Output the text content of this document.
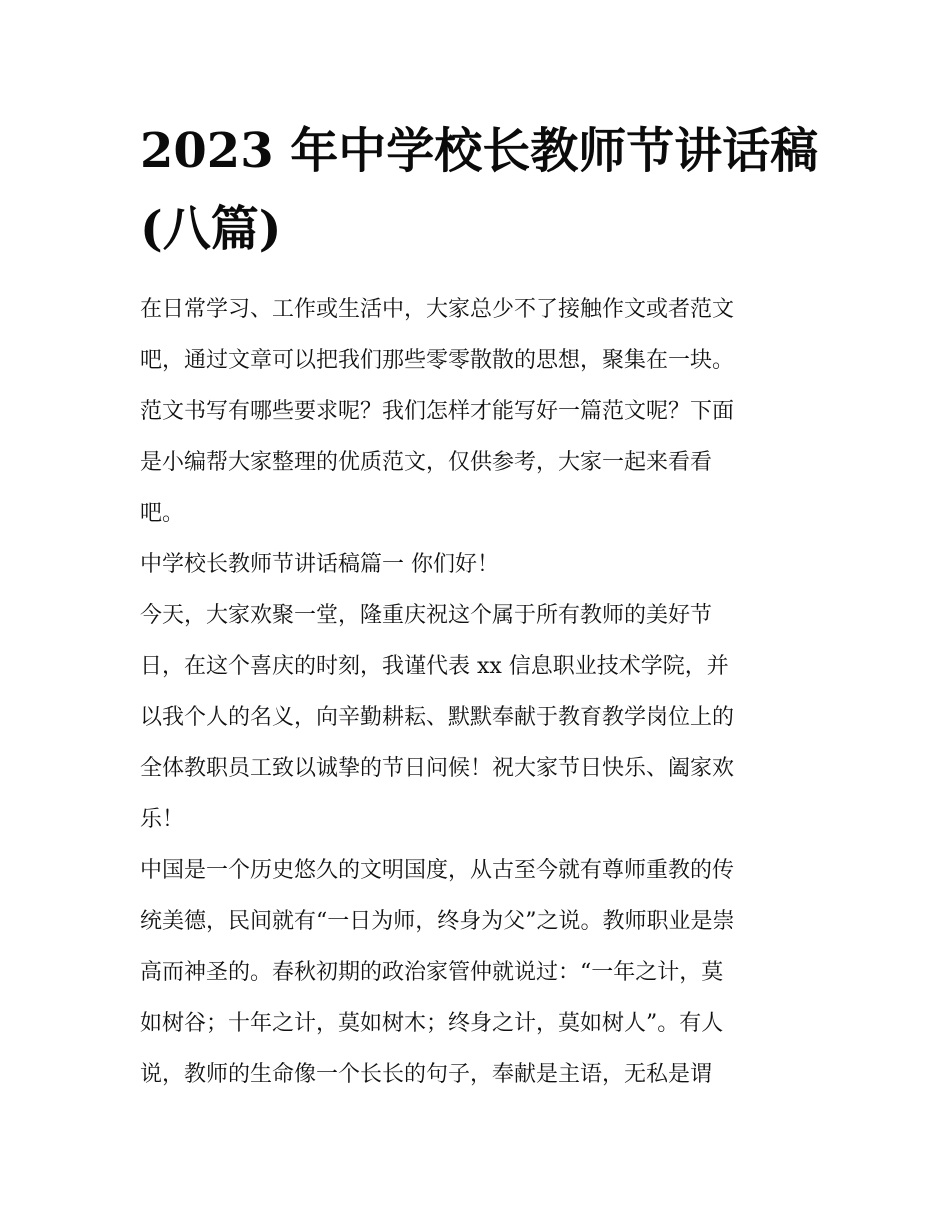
2023 年中学校长教师节讲话稿
(八篇)

在日常学习、工作或生活中，大家总少不了接触作文或者范文
吧，通过文章可以把我们那些零零散散的思想，聚集在一块。
范文书写有哪些要求呢？我们怎样才能写好一篇范文呢？下面
是小编帮大家整理的优质范文，仅供参考，大家一起来看看
吧。

中学校长教师节讲话稿篇一 你们好！

今天，大家欢聚一堂，隆重庆祝这个属于所有教师的美好节
日，在这个喜庆的时刻，我谨代表 xx 信息职业技术学院，并
以我个人的名义，向辛勤耕耘、默默奉献于教育教学岗位上的
全体教职员工致以诚挚的节日问候！祝大家节日快乐、阖家欢
乐！

中国是一个历史悠久的文明国度，从古至今就有尊师重教的传
统美德，民间就有“一日为师，终身为父”之说。教师职业是崇
高而神圣的。春秋初期的政治家管仲就说过：“一年之计，莫
如树谷；十年之计，莫如树木；终身之计，莫如树人”。有人
说，教师的生命像一个长长的句子，奉献是主语，无私是谓
